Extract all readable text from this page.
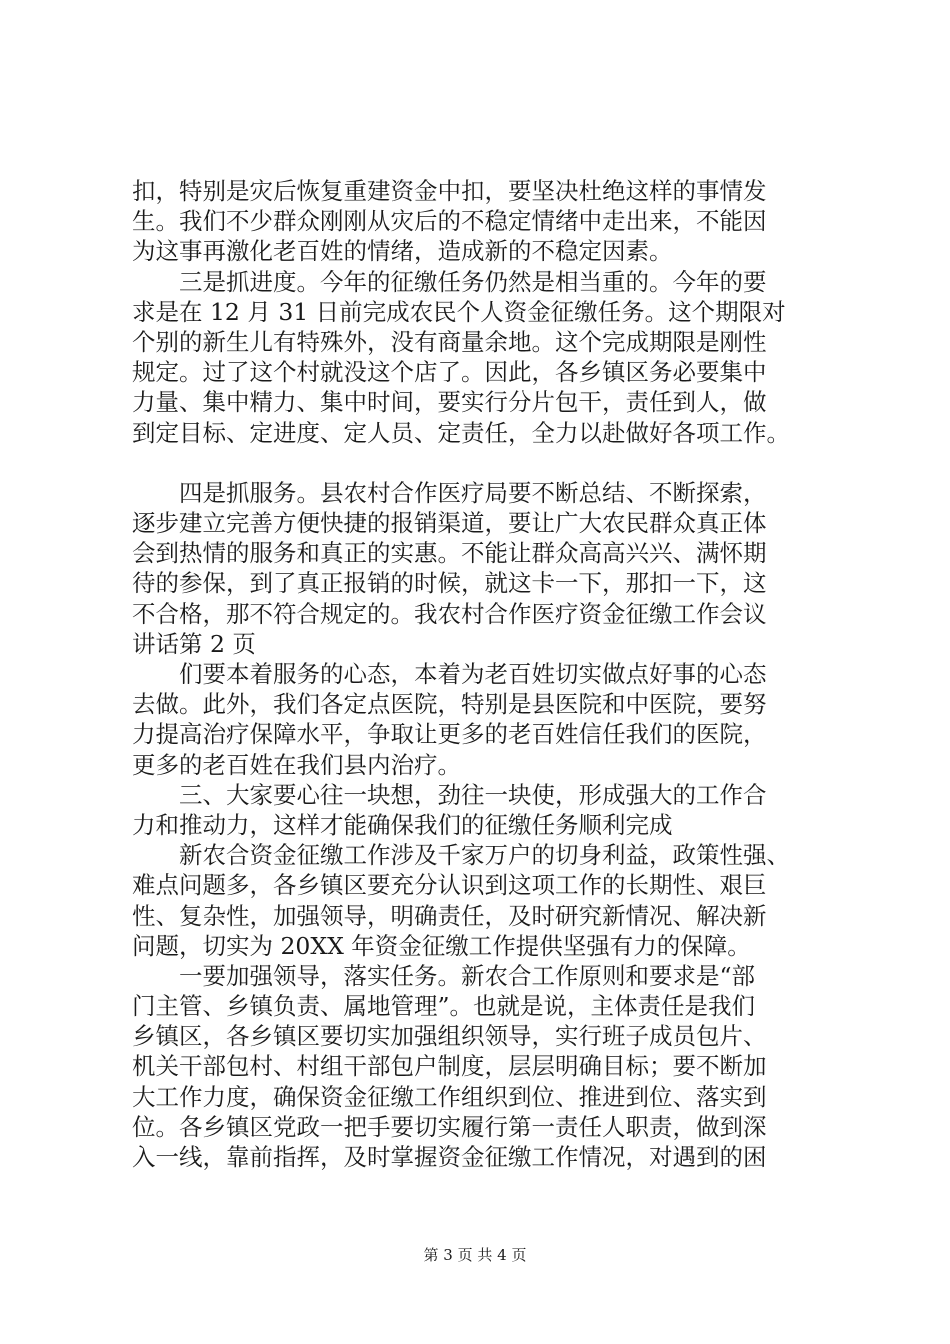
扣，特别是灾后恢复重建资金中扣，要坚决杜绝这样的事情发
生。我们不少群众刚刚从灾后的不稳定情绪中走出来，不能因
为这事再激化老百姓的情绪，造成新的不稳定因素。
　　三是抓进度。今年的征缴任务仍然是相当重的。今年的要
求是在 12 月 31 日前完成农民个人资金征缴任务。这个期限对
个别的新生儿有特殊外，没有商量余地。这个完成期限是刚性
规定。过了这个村就没这个店了。因此，各乡镇区务必要集中
力量、集中精力、集中时间，要实行分片包干，责任到人，做
到定目标、定进度、定人员、定责任，全力以赴做好各项工作。
　　四是抓服务。县农村合作医疗局要不断总结、不断探索，
逐步建立完善方便快捷的报销渠道，要让广大农民群众真正体
会到热情的服务和真正的实惠。不能让群众高高兴兴、满怀期
待的参保，到了真正报销的时候，就这卡一下，那扣一下，这
不合格，那不符合规定的。我农村合作医疗资金征缴工作会议
讲话第 2 页
　　们要本着服务的心态，本着为老百姓切实做点好事的心态
去做。此外，我们各定点医院，特别是县医院和中医院，要努
力提高治疗保障水平，争取让更多的老百姓信任我们的医院，
更多的老百姓在我们县内治疗。
　　三、大家要心往一块想，劲往一块使，形成强大的工作合
力和推动力，这样才能确保我们的征缴任务顺利完成
　　新农合资金征缴工作涉及千家万户的切身利益，政策性强、
难点问题多，各乡镇区要充分认识到这项工作的长期性、艰巨
性、复杂性，加强领导，明确责任，及时研究新情况、解决新
问题，切实为 20XX 年资金征缴工作提供坚强有力的保障。
　　一要加强领导，落实任务。新农合工作原则和要求是“部
门主管、乡镇负责、属地管理”。也就是说，主体责任是我们
乡镇区，各乡镇区要切实加强组织领导，实行班子成员包片、
机关干部包村、村组干部包户制度，层层明确目标；要不断加
大工作力度，确保资金征缴工作组织到位、推进到位、落实到
位。各乡镇区党政一把手要切实履行第一责任人职责，做到深
入一线，靠前指挥，及时掌握资金征缴工作情况，对遇到的困
第 3 页 共 4 页
